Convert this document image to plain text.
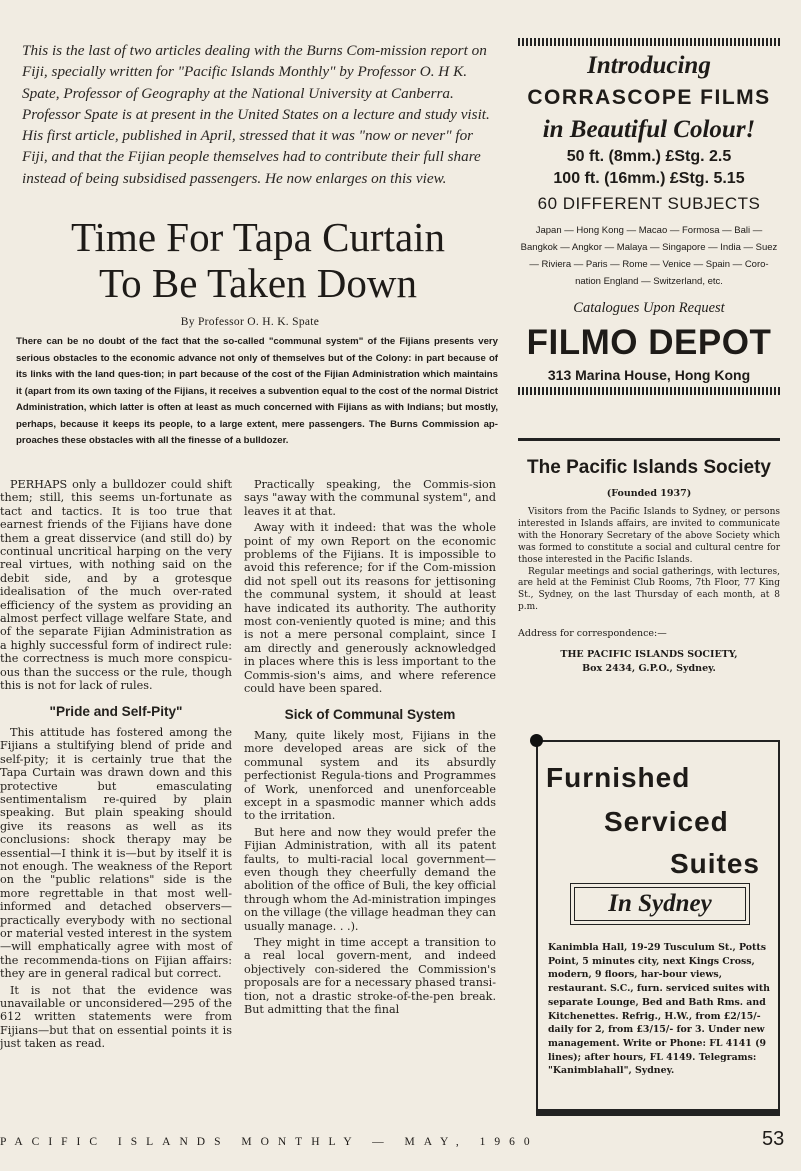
This is the last of two articles dealing with the Burns Com-mission report on Fiji, specially written for "Pacific Islands Monthly" by Professor O. H K. Spate, Professor of Geography at the National University at Canberra. Professor Spate is at present in the United States on a lecture and study visit. His first article, published in April, stressed that it was "now or never" for Fiji, and that the Fijian people themselves had to contribute their full share instead of being subsidised passengers. He now enlarges on this view.

Time For Tapa Curtain
To Be Taken Down

By Professor O. H. K. Spate

There can be no doubt of the fact that the so-called "communal system" of the Fijians presents very serious obstacles to the economic advance not only of themselves but of the Colony: in part because of its links with the land ques-tion; in part because of the cost of the Fijian Administration which maintains it (apart from its own taxing of the Fijians, it receives a subvention equal to the cost of the normal District Administration, which latter is often at least as much concerned with Fijians as with Indians; but mostly, perhaps, because it keeps its people, to a large extent, mere passengers. The Burns Commission ap-proaches these obstacles with all the finesse of a bulldozer.

PERHAPS only a bulldozer could shift them; still, this seems un-fortunate as tact and tactics. It is too true that earnest friends of the Fijians have done them a great disservice (and still do) by continual uncritical harping on the very real virtues, with nothing said on the debit side, and by a grotesque idealisation of the much over-rated efficiency of the system as providing an almost perfect village welfare State, and of the separate Fijian Administration as a highly successful form of indirect rule: the correctness is much more conspicu-ous than the success or the rule, though this is not for lack of rules.

"Pride and Self-Pity"

This attitude has fostered among the Fijians a stultifying blend of pride and self-pity; it is certainly true that the Tapa Curtain was drawn down and this protective but emasculating sentimentalism re-quired by plain speaking. But plain speaking should give its reasons as well as its conclusions: shock therapy may be essential—I think it is—but by itself it is not enough. The weakness of the Report on the "public relations" side is the more regrettable in that most well-informed and detached observers—practically everybody with no sectional or material vested interest in the system—will emphatically agree with most of the recommenda-tions on Fijian affairs: they are in general radical but correct.

It is not that the evidence was unavailable or unconsidered—295 of the 612 written statements were from Fijians—but that on essential points it is just taken as read.

Practically speaking, the Commis-sion says "away with the communal system", and leaves it at that.

Away with it indeed: that was the whole point of my own Report on the economic problems of the Fijians. It is impossible to avoid this reference; for if the Com-mission did not spell out its reasons for jettisoning the communal system, it should at least have indicated its authority. The authority most con-veniently quoted is mine; and this is not a mere personal complaint, since I am directly and generously acknowledged in places where this is less important to the Commis-sion's aims, and where reference could have been spared.

Sick of Communal System

Many, quite likely most, Fijians in the more developed areas are sick of the communal system and its absurdly perfectionist Regula-tions and Programmes of Work, unenforced and unenforceable except in a spasmodic manner which adds to the irritation.

But here and now they would prefer the Fijian Administration, with all its patent faults, to multi-racial local government—even though they cheerfully demand the abolition of the office of Buli, the key official through whom the Ad-ministration impinges on the village (the village headman they can usually manage. . .).

They might in time accept a transition to a real local govern-ment, and indeed objectively con-sidered the Commission's proposals are for a necessary phased transi-tion, not a drastic stroke-of-the-pen break. But admitting that the final

PACIFIC ISLANDS MONTHLY — MAY, 1960	53
Introducing
CORRASCOPE FILMS
in Beautiful Colour!
50 ft. (8mm.) £Stg. 2.5
100 ft. (16mm.) £Stg. 5.15
60 DIFFERENT SUBJECTS
Japan — Hong Kong — Macao — Formosa — Bali — Bangkok — Angkor — Malaya — Singapore — India — Suez — Riviera — Paris — Rome — Venice — Spain — Coro-nation England — Switzerland, etc.
Catalogues Upon Request
FILMO DEPOT
313 Marina House, Hong Kong
The Pacific Islands Society
(Founded 1937)

Visitors from the Pacific Islands to Sydney, or persons interested in Islands affairs, are invited to communicate with the Honorary Secretary of the above Society which was formed to constitute a social and cultural centre for those interested in the Pacific Islands.

Regular meetings and social gatherings, with lectures, are held at the Feminist Club Rooms, 7th Floor, 77 King St., Sydney, on the last Thursday of each month, at 8 p.m.

Address for correspondence:—
THE PACIFIC ISLANDS SOCIETY,
Box 2434, G.P.O., Sydney.
Furnished
Serviced
Suites
In Sydney
Kanimbla Hall, 19-29 Tusculum St., Potts Point, 5 minutes city, next Kings Cross, modern, 9 floors, har-bour views, restaurant. S.C., furn. serviced suites with separate Lounge, Bed and Bath Rms. and Kitchenettes. Refrig., H.W., from £2/15/- daily for 2, from £3/15/- for 3. Under new management. Write or Phone: FL 4141 (9 lines); after hours, FL 4149. Telegrams: "Kanimblahall", Sydney.
